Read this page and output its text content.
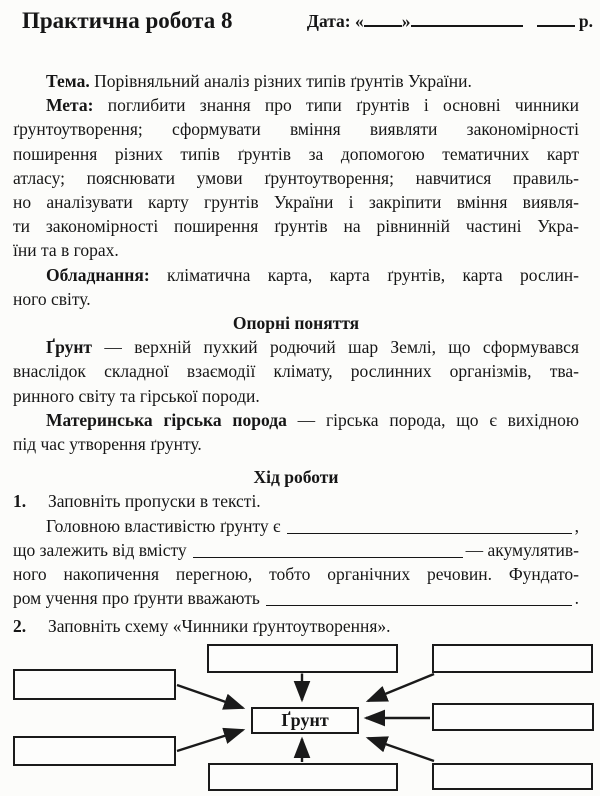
Практична робота 8	Дата: « »	р.
Тема. Порівняльний аналіз різних типів ґрунтів України.
Мета: поглибити знання про типи ґрунтів і основні чинники
ґрунтоутворення; сформувати вміння виявляти закономірності
поширення різних типів ґрунтів за допомогою тематичних карт
атласу; пояснювати умови ґрунтоутворення; навчитися правиль-
но аналізувати карту грунтів України і закріпити вміння виявля-
ти закономірності поширення ґрунтів на рівнинній частині Укра-
їни та в горах.
Обладнання: кліматична карта, карта ґрунтів, карта рослин-
ного світу.
Опорні поняття
Ґрунт — верхній пухкий родючий шар Землі, що сформувався
внаслідок складної взаємодії клімату, рослинних організмів, тва-
ринного світу та гірської породи.
Материнська гірська порода — гірська порода, що є вихідною
під час утворення ґрунту.
Хід роботи
1.	Заповніть пропуски в тексті.
Головною властивістю ґрунту є	,
що залежить від вмісту	— акумулятив-
ного накопичення перегною, тобто органічних речовин. Фундато-
ром учення про ґрунти вважають	.
2.	Заповніть схему «Чинники ґрунтоутворення».
Ґрунт
